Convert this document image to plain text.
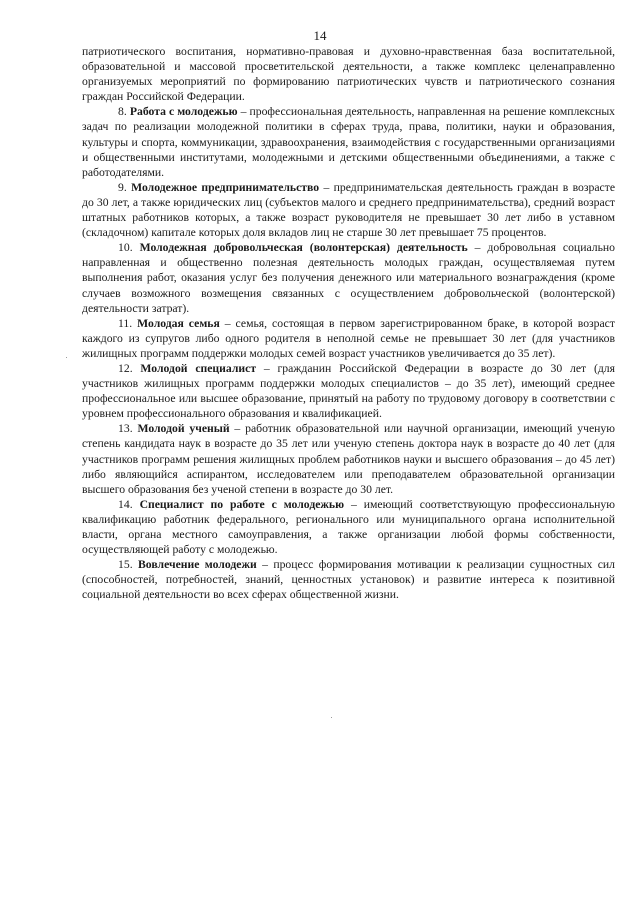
14

патриотического воспитания, нормативно-правовая и духовно-нравственная база воспитательной, образовательной и массовой просветительской деятельности, а также комплекс целенаправленно организуемых мероприятий по формированию патриотических чувств и патриотического сознания граждан Российской Федерации.

8. Работа с молодежью – профессиональная деятельность, направленная на решение комплексных задач по реализации молодежной политики в сферах труда, права, политики, науки и образования, культуры и спорта, коммуникации, здравоохранения, взаимодействия с государственными организациями и общественными институтами, молодежными и детскими общественными объединениями, а также с работодателями.

9. Молодежное предпринимательство – предпринимательская деятельность граждан в возрасте до 30 лет, а также юридических лиц (субъектов малого и среднего предпринимательства), средний возраст штатных работников которых, а также возраст руководителя не превышает 30 лет либо в уставном (складочном) капитале которых доля вкладов лиц не старше 30 лет превышает 75 процентов.

10. Молодежная добровольческая (волонтерская) деятельность – добровольная социально направленная и общественно полезная деятельность молодых граждан, осуществляемая путем выполнения работ, оказания услуг без получения денежного или материального вознаграждения (кроме случаев возможного возмещения связанных с осуществлением добровольческой (волонтерской) деятельности затрат).

11. Молодая семья – семья, состоящая в первом зарегистрированном браке, в которой возраст каждого из супругов либо одного родителя в неполной семье не превышает 30 лет (для участников жилищных программ поддержки молодых семей возраст участников увеличивается до 35 лет).

12. Молодой специалист – гражданин Российской Федерации в возрасте до 30 лет (для участников жилищных программ поддержки молодых специалистов – до 35 лет), имеющий среднее профессиональное или высшее образование, принятый на работу по трудовому договору в соответствии с уровнем профессионального образования и квалификацией.

13. Молодой ученый – работник образовательной или научной организации, имеющий ученую степень кандидата наук в возрасте до 35 лет или ученую степень доктора наук в возрасте до 40 лет (для участников программ решения жилищных проблем работников науки и высшего образования – до 45 лет) либо являющийся аспирантом, исследователем или преподавателем образовательной организации высшего образования без ученой степени в возрасте до 30 лет.

14. Специалист по работе с молодежью – имеющий соответствующую профессиональную квалификацию работник федерального, регионального или муниципального органа исполнительной власти, органа местного самоуправления, а также организации любой формы собственности, осуществляющей работу с молодежью.

15. Вовлечение молодежи – процесс формирования мотивации к реализации сущностных сил (способностей, потребностей, знаний, ценностных установок) и развитие интереса к позитивной социальной деятельности во всех сферах общественной жизни.
